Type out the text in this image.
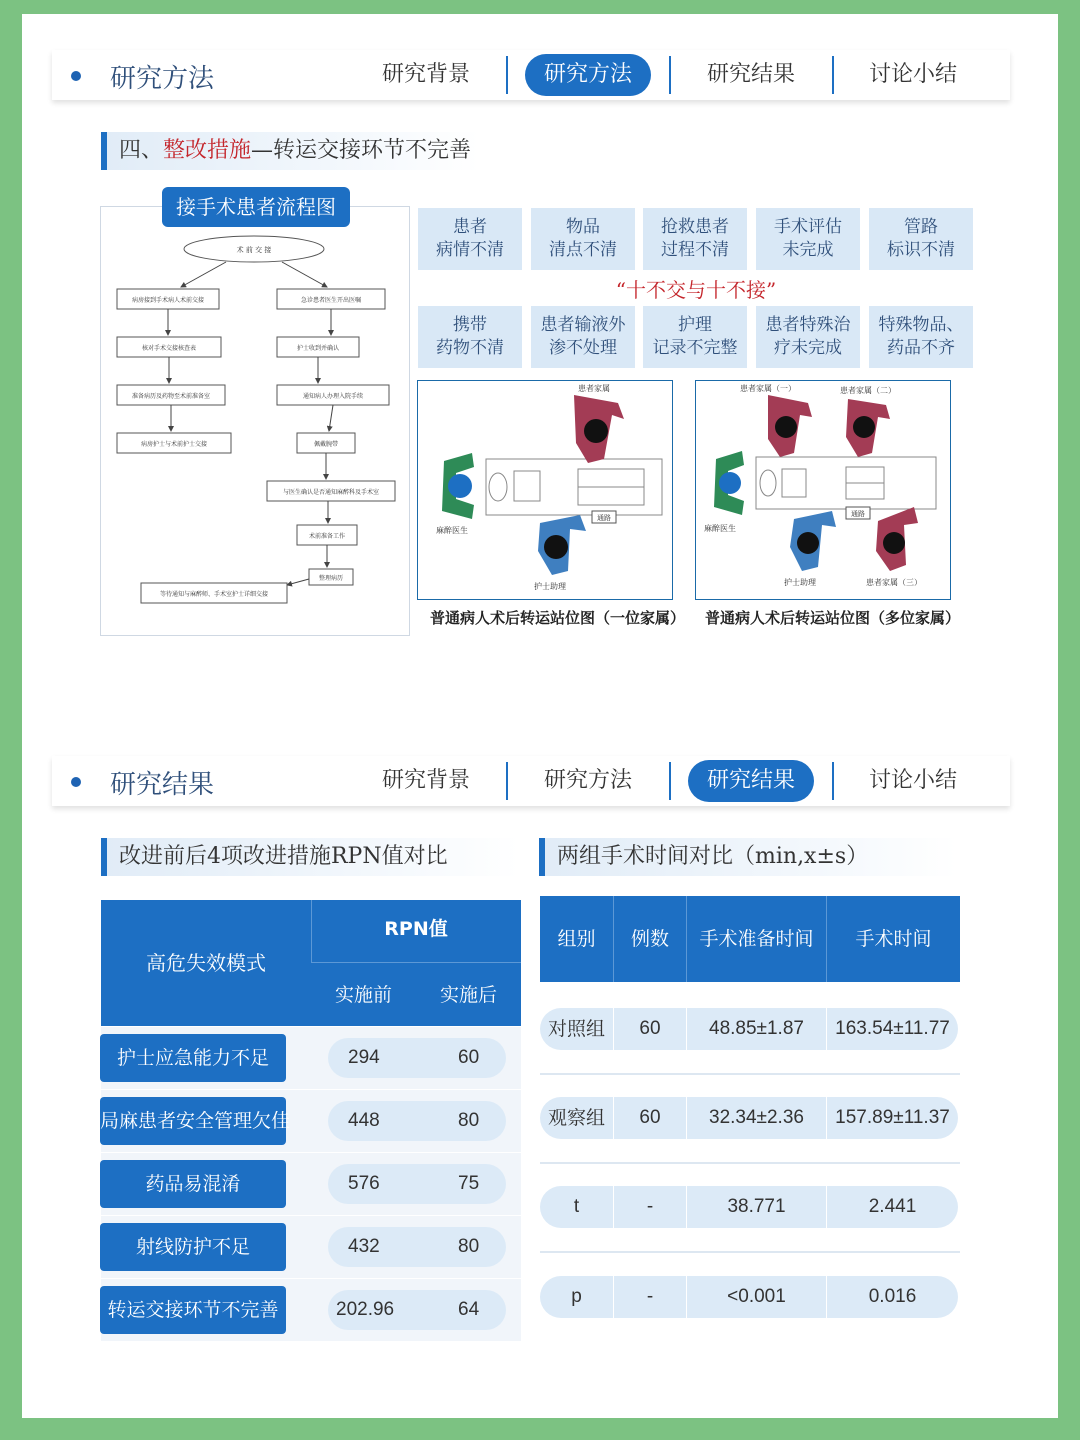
研究方法	研究背景	研究方法	研究结果	讨论小结
四、整改措施—转运交接环节不完善
术 前 交 接
病房接到手术病人术前交接
核对手术交接核查表
准备病历及药物至术前准备室
病房护士与术前护士交接
急诊患者医生开出医嘱
护士收到并确认
通知病人办理入院手续
佩戴腕带
与医生确认是否通知麻醉科及手术室
术前准备工作
整理病历
等待通知与麻醉师、手术室护士详细交接
接手术患者流程图
患者
病情不清
物品
清点不清
抢救患者
过程不清
手术评估
未完成
管路
标识不清
“十不交与十不接”
携带
药物不清
患者输液外
渗不处理
护理
记录不完整
患者特殊治
疗未完成
特殊物品、
药品不齐
通路
患者家属
麻醉医生
护士助理
普通病人术后转运站位图（一位家属）
通路
患者家属（一）	患者家属（二）
患者家属（三）
麻醉医生
护士助理
普通病人术后转运站位图（多位家属）
研究结果	研究背景	研究方法	研究结果	讨论小结
改进前后4项改进措施RPN值对比
高危失效模式
RPN值
实施前	实施后
护士应急能力不足	294	60
局麻患者安全管理欠佳	448	80
药品易混淆	576	75
射线防护不足	432	80
转运交接环节不完善	202.96	64
两组手术时间对比（min,x±s）
组别	例数	手术准备时间	手术时间
对照组	60	48.85±1.87	163.54±11.77
观察组	60	32.34±2.36	157.89±11.37
t	-	38.771	2.441
p	-	<0.001	0.016
